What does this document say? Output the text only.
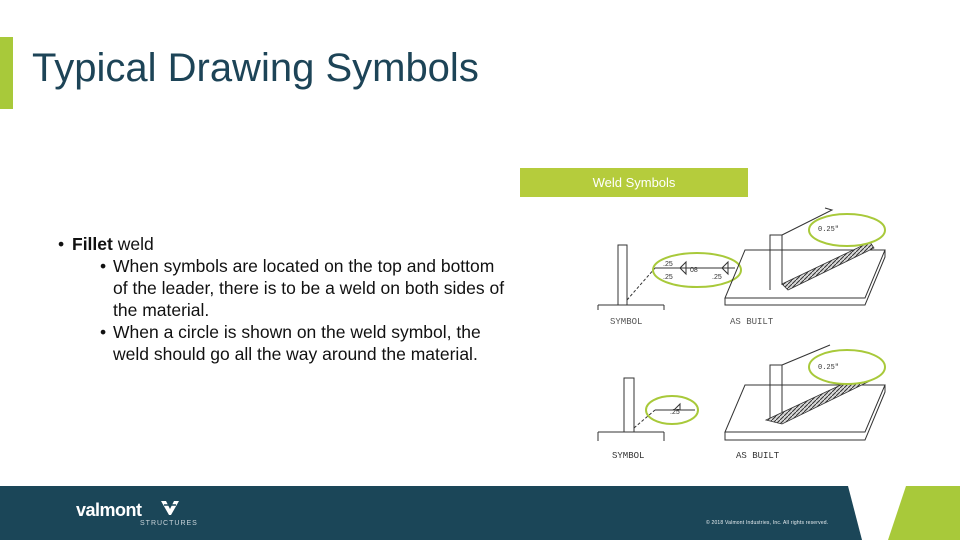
Typical Drawing Symbols
• Fillet weld
• When symbols are located on the top and bottom of the leader, there is to be a weld on both sides of the material.
• When a circle is shown on the weld symbol, the weld should go all the way around the material.
Weld Symbols
.25
.25
08
.25
SYMBOL
0.25"
AS BUILT
.25
SYMBOL
0.25"
AS BUILT
valmont
STRUCTURES	© 2018 Valmont Industries, Inc. All rights reserved.
